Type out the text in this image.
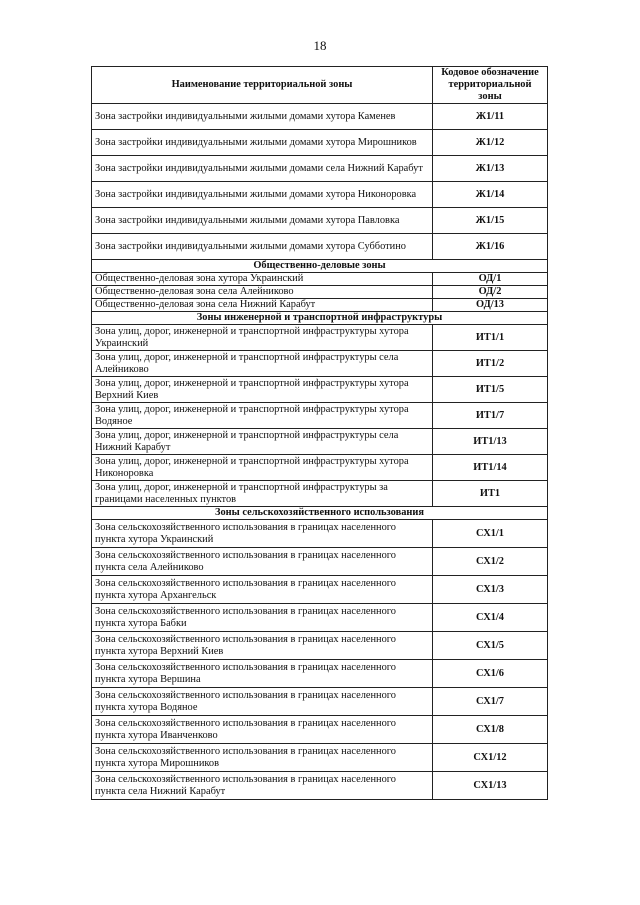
18
Наименование территориальной зоны	Кодовое обозначение территориальной зоны
Зона застройки индивидуальными жилыми домами хутора Каменев	Ж1/11
Зона застройки индивидуальными жилыми домами хутора Мирошников	Ж1/12
Зона застройки индивидуальными жилыми домами села Нижний Карабут	Ж1/13
Зона застройки индивидуальными жилыми домами хутора Никоноровка	Ж1/14
Зона застройки индивидуальными жилыми домами хутора Павловка	Ж1/15
Зона застройки индивидуальными жилыми домами хутора Субботино	Ж1/16
Общественно-деловые зоны	
Общественно-деловая зона хутора Украинский	ОД/1
Общественно-деловая зона села Алейниково	ОД/2
Общественно-деловая зона села Нижний Карабут	ОД/13
Зоны инженерной и транспортной инфраструктуры	
Зона улиц, дорог, инженерной и транспортной инфраструктуры хутора Украинский	ИТ1/1
Зона улиц, дорог, инженерной и транспортной инфраструктуры села Алейниково	ИТ1/2
Зона улиц, дорог, инженерной и транспортной инфраструктуры хутора Верхний Киев	ИТ1/5
Зона улиц, дорог, инженерной и транспортной инфраструктуры хутора Водяное	ИТ1/7
Зона улиц, дорог, инженерной и транспортной инфраструктуры села Нижний Карабут	ИТ1/13
Зона улиц, дорог, инженерной и транспортной инфраструктуры хутора Никоноровка	ИТ1/14
Зона улиц, дорог, инженерной и транспортной инфраструктуры за границами населенных пунктов	ИТ1
Зоны сельскохозяйственного использования	
Зона сельскохозяйственного использования в границах населенного пункта хутора Украинский	СХ1/1
Зона сельскохозяйственного использования в границах населенного пункта села Алейниково	СХ1/2
Зона сельскохозяйственного использования в границах населенного пункта хутора Архангельск	СХ1/3
Зона сельскохозяйственного использования в границах населенного пункта хутора Бабки	СХ1/4
Зона сельскохозяйственного использования в границах населенного пункта хутора Верхний Киев	СХ1/5
Зона сельскохозяйственного использования в границах населенного пункта хутора Вершина	СХ1/6
Зона сельскохозяйственного использования в границах населенного пункта хутора Водяное	СХ1/7
Зона сельскохозяйственного использования в границах населенного пункта хутора Иванченково	СХ1/8
Зона сельскохозяйственного использования в границах населенного пункта хутора Мирошников	СХ1/12
Зона сельскохозяйственного использования в границах населенного пункта села Нижний Карабут	СХ1/13
